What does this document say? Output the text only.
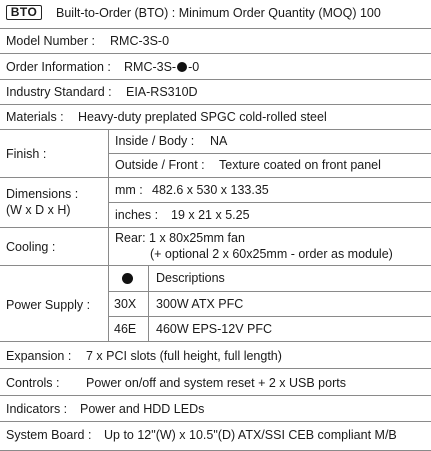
BTO	Built-to-Order (BTO) : Minimum Order Quantity (MOQ) 100
Model Number : RMC-3S-0
Order Information : RMC-3S- -0
Industry Standard : EIA-RS310D
Materials : Heavy-duty preplated SPGC cold-rolled steel
Finish :
Inside / Body : NA
Outside / Front : Texture coated on front panel
Dimensions :
(W x D x H)
mm : 482.6 x 530 x 133.35
inches : 19 x 21 x 5.25
Cooling :
Rear: 1 x 80x25mm fan
(+ optional 2 x 60x25mm - order as module)
Power Supply :
Descriptions
30X 300W ATX PFC
46E 460W EPS-12V PFC
Expansion : 7 x PCI slots (full height, full length)
Controls : Power on/off and system reset + 2 x USB ports
Indicators : Power and HDD LEDs
System Board : Up to 12"(W) x 10.5"(D) ATX/SSI CEB compliant M/B
